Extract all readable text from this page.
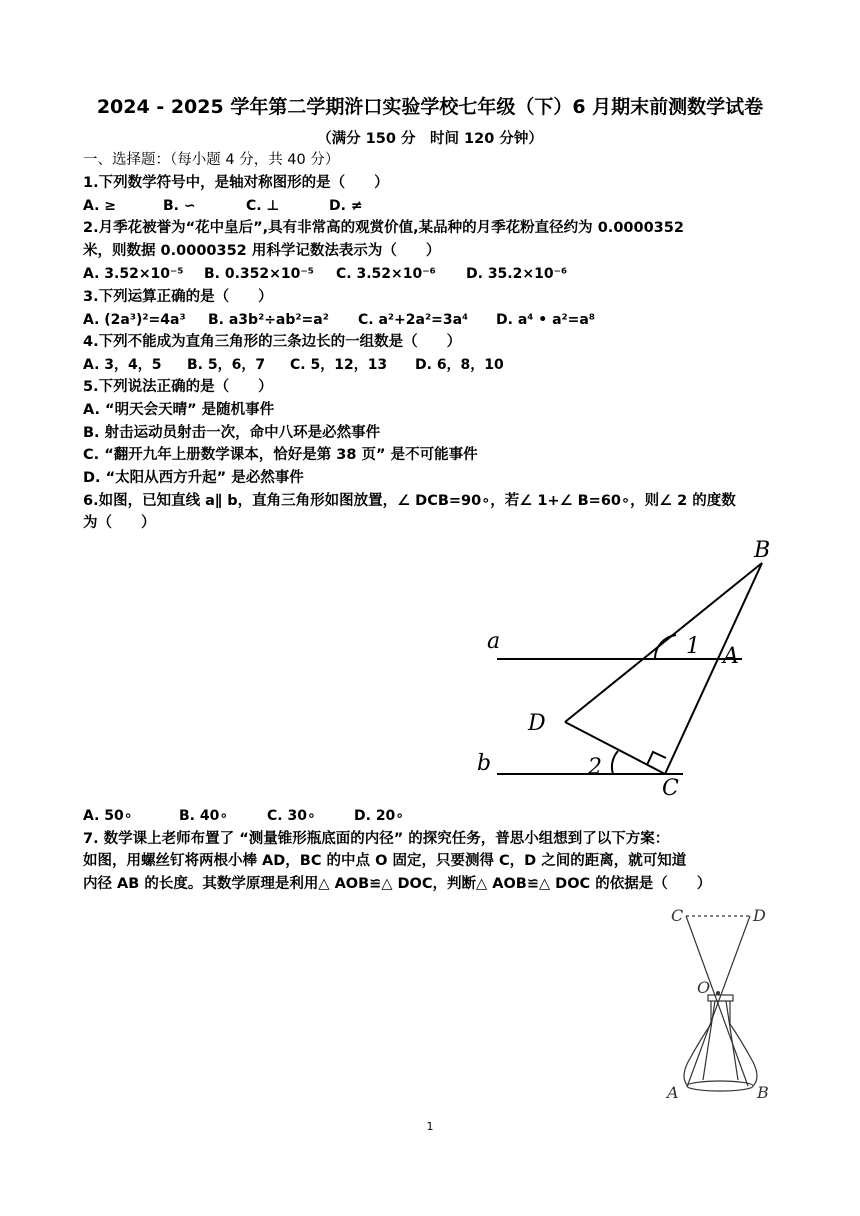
2024 - 2025 学年第二学期浒口实验学校七年级（下）6 月期末前测数学试卷
（满分 150 分　时间 120 分钟）
一、选择题：（每小题 4 分，共 40 分）
1.下列数学符号中，是轴对称图形的是（　　）
A. ≥	B. ∽	C. ⊥	D. ≠
2.月季花被誉为“花中皇后”,具有非常高的观赏价值,某品种的月季花粉直径约为 0.0000352
米，则数据 0.0000352 用科学记数法表示为（　　）
A. 3.52×10⁻⁵ B. 0.352×10⁻⁵ C. 3.52×10⁻⁶ D. 35.2×10⁻⁶
3.下列运算正确的是（　　）
A. (2a³)²=4a³ B. a3b²÷ab²=a² C. a²+2a²=3a⁴ D. a⁴ • a²=a⁸
4.下列不能成为直角三角形的三条边长的一组数是（　　）
A. 3，4，5 B. 5，6，7 C. 5，12，13 D. 6，8，10
5.下列说法正确的是（　　）
A. “明天会天晴” 是随机事件
B. 射击运动员射击一次，命中八环是必然事件
C. “翻开九年上册数学课本，恰好是第 38 页” 是不可能事件
D. “太阳从西方升起” 是必然事件
6.如图，已知直线 a∥ b，直角三角形如图放置，∠ DCB=90∘，若∠ 1+∠ B=60∘，则∠ 2 的度数
为（　　）
B
a	1 A
D
b	2
C
A. 50∘	B. 40∘	C. 30∘	D. 20∘
7. 数学课上老师布置了 “测量锥形瓶底面的内径” 的探究任务，普思小组想到了以下方案：
如图，用螺丝钉将两根小棒 AD，BC 的中点 O 固定，只要测得 C，D 之间的距离，就可知道
内径 AB 的长度。其数学原理是利用△ AOB≌△ DOC，判断△ AOB≌△ DOC 的依据是（　　）
C	D
O
A	B
1
